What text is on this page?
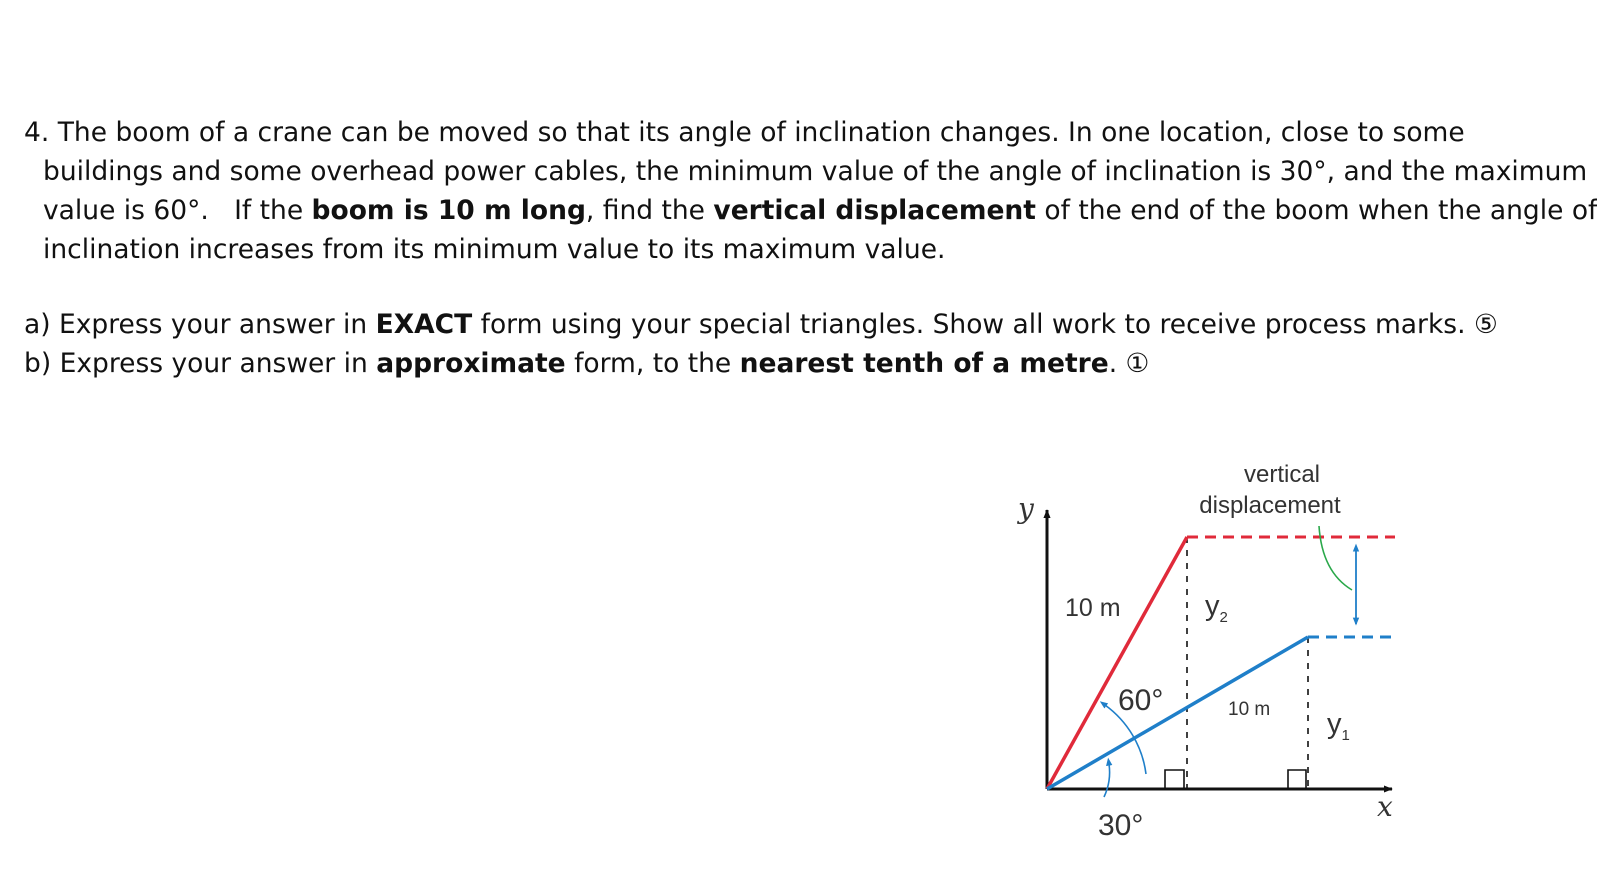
4. The boom of a crane can be moved so that its angle of inclination changes. In one location, close to some
buildings and some overhead power cables, the minimum value of the angle of inclination is 30°, and the maximum
value is 60°.   If the boom is 10 m long, find the vertical displacement of the end of the boom when the angle of
inclination increases from its minimum value to its maximum value.
a) Express your answer in EXACT form using your special triangles. Show all work to receive process marks. ⑤
b) Express your answer in approximate form, to the nearest tenth of a metre. ①
vertical
displacement
y
x
10 m
10 m
60°
30°
$y_2$
$y_1$
